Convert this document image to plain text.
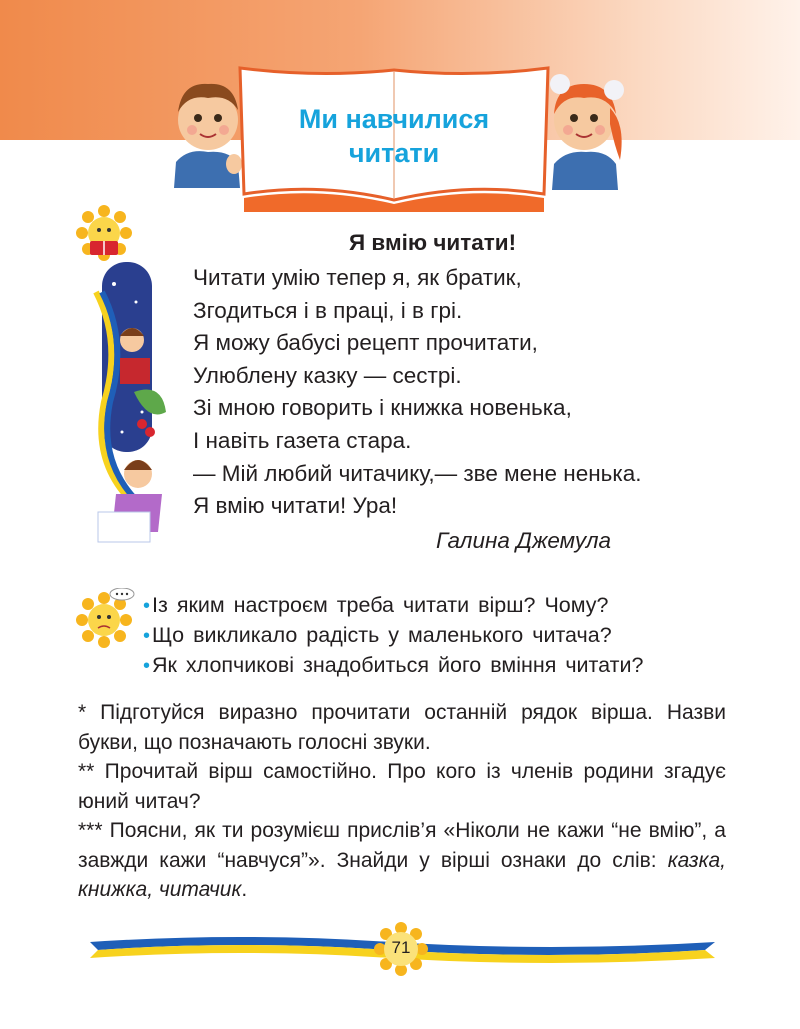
Ми навчилися
читати
Я вмію читати!
Читати умію тепер я, як братик,
Згодиться і в праці, і в грі.
Я можу бабусі рецепт прочитати,
Улюблену казку — сестрі.
Зі мною говорить і книжка новенька,
І навіть газета стара.
— Мій любий читачику,— зве мене ненька.
Я вмію читати! Ура!
Галина Джемула
•Із яким настроєм треба читати вірш? Чому?
•Що викликало радість у маленького читача?
•Як хлопчикові знадобиться його вміння читати?

* Підготуйся виразно прочитати останній рядок вірша. Назви букви, що позначають голосні звуки.

** Прочитай вірш самостійно. Про кого із членів родини згадує юний читач?

*** Поясни, як ти розумієш прислів’я «Ніколи не кажи “не вмію”, а завжди кажи “навчуся”». Знайди у вірші ознаки до слів: казка, книжка, читачик.

71
